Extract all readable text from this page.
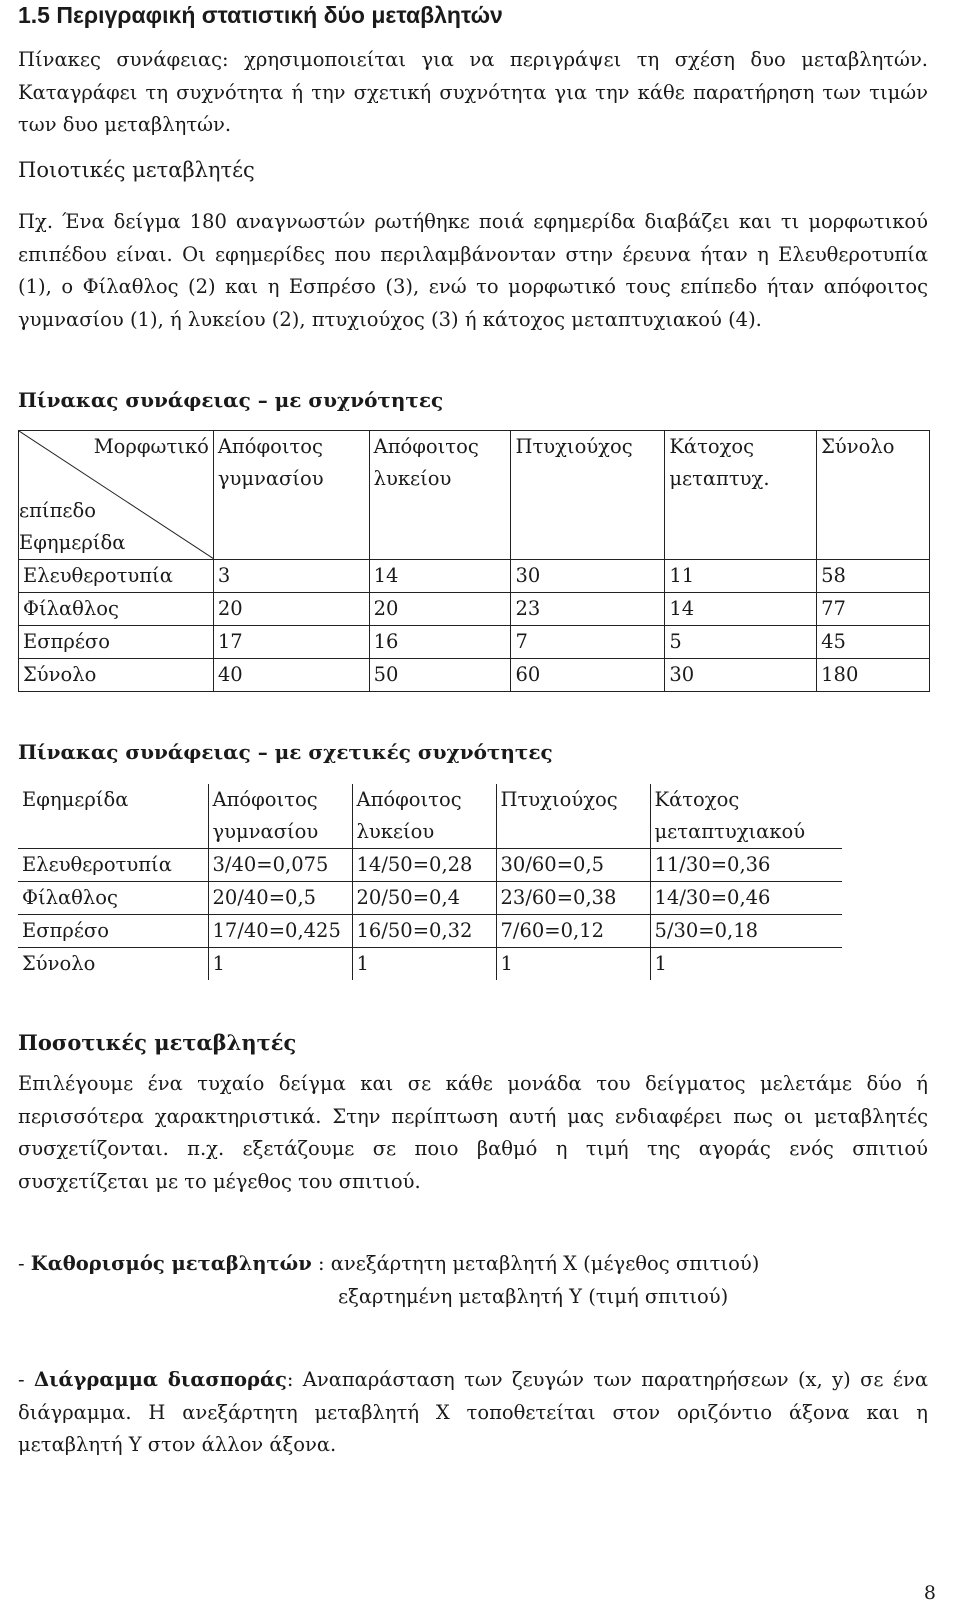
1.5 Περιγραφική στατιστική δύο μεταβλητών

Πίνακες συνάφειας: χρησιμοποιείται για να περιγράψει τη σχέση δυο μεταβλητών. Καταγράφει τη συχνότητα ή την σχετική συχνότητα για την κάθε παρατήρηση των τιμών των δυο μεταβλητών.

Ποιοτικές μεταβλητές

Πχ. Ένα δείγμα 180 αναγνωστών ρωτήθηκε ποιά εφημερίδα διαβάζει και τι μορφωτικού επιπέδου είναι. Οι εφημερίδες που περιλαμβάνονταν στην έρευνα ήταν η Ελευθεροτυπία (1), ο Φίλαθλος (2) και η Εσπρέσο (3), ενώ το μορφωτικό τους επίπεδο ήταν απόφοιτος γυμνασίου (1), ή λυκείου (2), πτυχιούχος (3) ή κάτοχος μεταπτυχιακού (4).

Πίνακας συνάφειας – με συχνότητες
Μορφωτικό
επίπεδο
Εφημερίδα	Απόφοιτος γυμνασίου	Απόφοιτος λυκείου	Πτυχιούχος	Κάτοχος μεταπτυχ.	Σύνολο
Ελευθεροτυπία	3	14	30	11	58
Φίλαθλος	20	20	23	14	77
Εσπρέσο	17	16	7	5	45
Σύνολο	40	50	60	30	180
Πίνακας συνάφειας – με σχετικές συχνότητες
Εφημερίδα	Απόφοιτος γυμνασίου	Απόφοιτος λυκείου	Πτυχιούχος	Κάτοχος μεταπτυχιακού
Ελευθεροτυπία	3/40=0,075	14/50=0,28	30/60=0,5	11/30=0,36
Φίλαθλος	20/40=0,5	20/50=0,4	23/60=0,38	14/30=0,46
Εσπρέσο	17/40=0,425	16/50=0,32	7/60=0,12	5/30=0,18
Σύνολο	1	1	1	1
Ποσοτικές μεταβλητές

Επιλέγουμε ένα τυχαίο δείγμα και σε κάθε μονάδα του δείγματος μελετάμε δύο ή περισσότερα χαρακτηριστικά. Στην περίπτωση αυτή μας ενδιαφέρει πως οι μεταβλητές συσχετίζονται. π.χ. εξετάζουμε σε ποιο βαθμό η τιμή της αγοράς ενός σπιτιού συσχετίζεται με το μέγεθος του σπιτιού.

- Καθορισμός μεταβλητών : ανεξάρτητη μεταβλητή Χ (μέγεθος σπιτιού)

εξαρτημένη μεταβλητή Υ (τιμή σπιτιού)

- Διάγραμμα διασποράς: Αναπαράσταση των ζευγών των παρατηρήσεων (x, y) σε ένα διάγραμμα. Η ανεξάρτητη μεταβλητή Χ τοποθετείται στον οριζόντιο άξονα και η μεταβλητή Υ στον άλλον άξονα.

8
